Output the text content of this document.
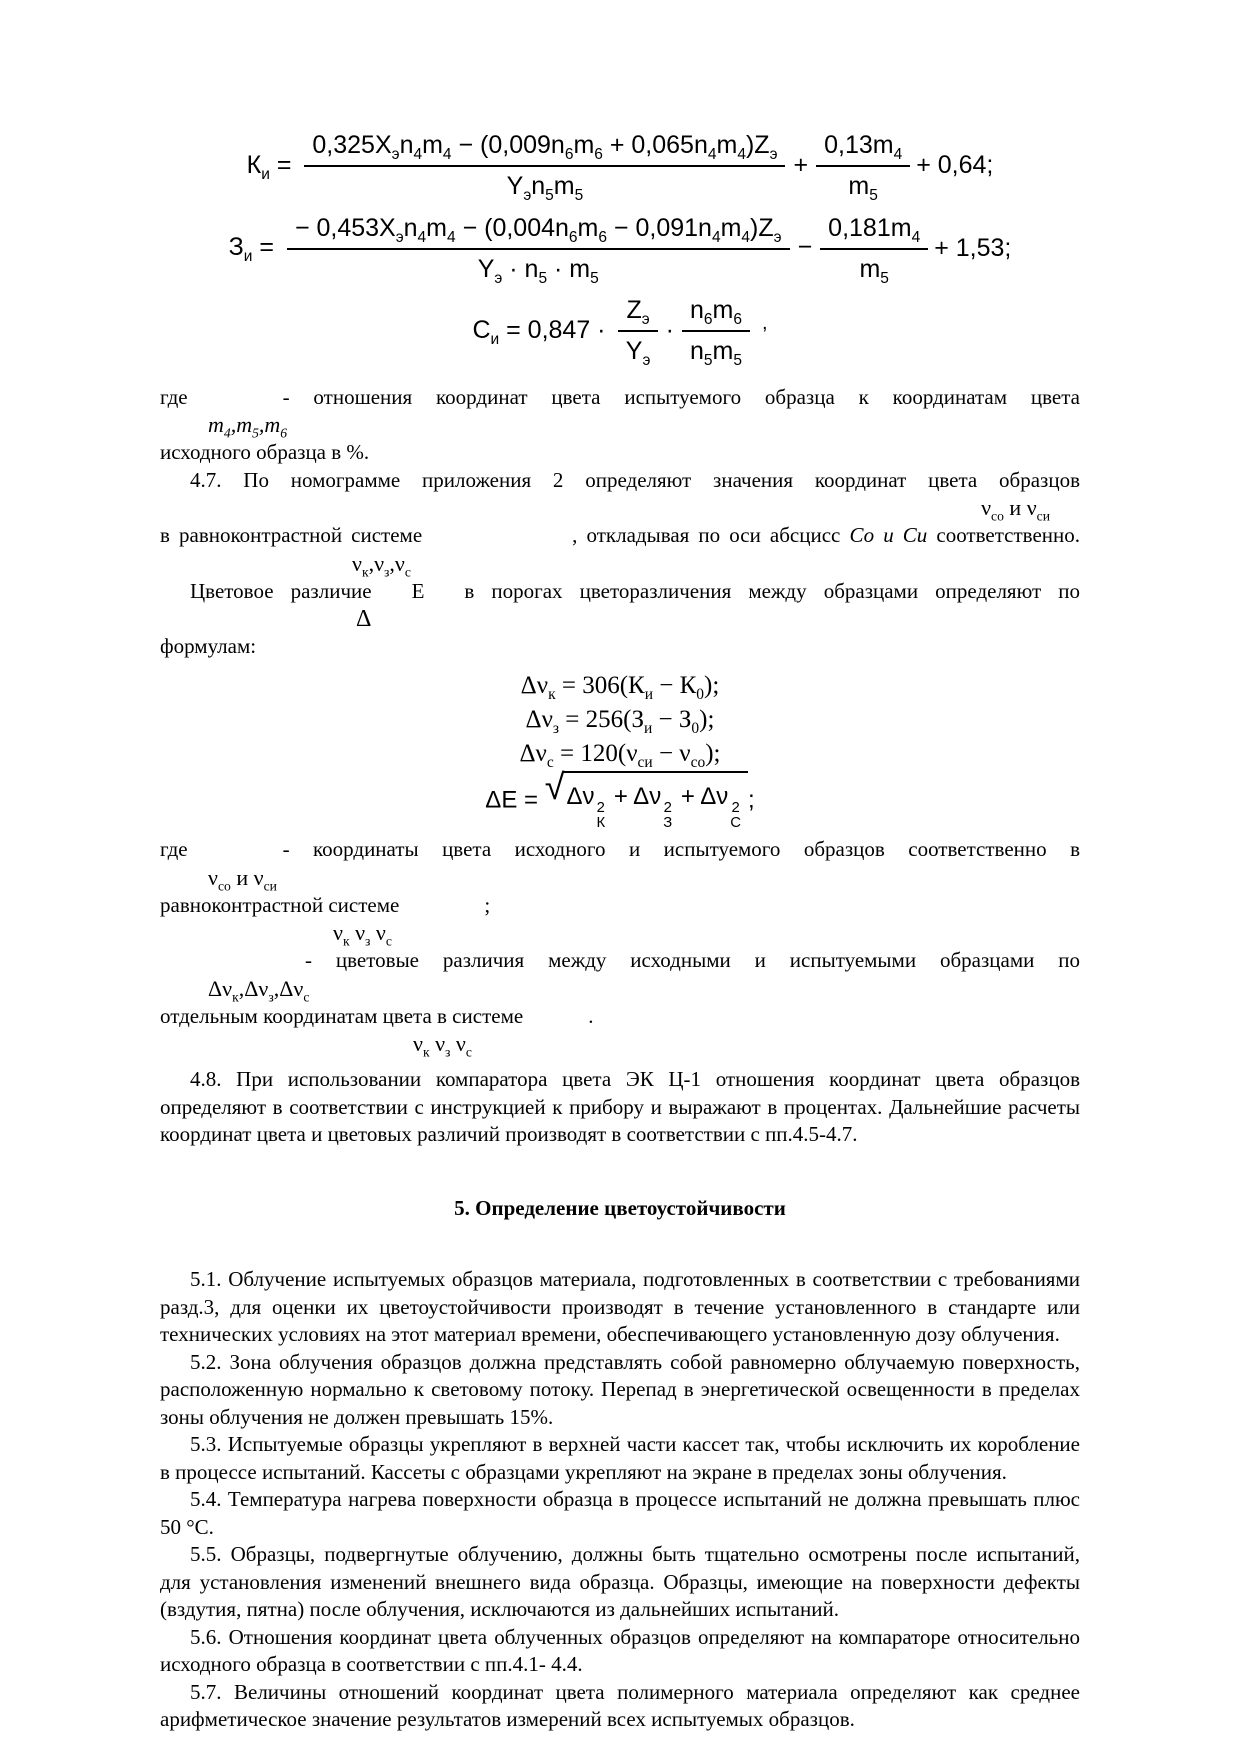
$К_и = \frac{0,325X_эn_4m_4 - (0,009n_6m_6 + 0,065n_4m_4)Z_э}{Y_эn_5m_5} + \frac{0,13m_4}{m_5} + 0,64$;
$З_и = \frac{- 0,453X_эn_4m_4 - (0,004n_6m_6 - 0,091n_4m_4)Z_э}{Y_э \cdot n_5 \cdot m_5} - \frac{0,181m_4}{m_5} + 1,53$;
$С_и = 0,847 \cdot \frac{Z_э}{Y_э} \cdot \frac{n_6m_6}{n_5m_5} ^,$
где	- отношения координат цвета испытуемого образца к координатам цвета
$m_4,m_5,m_6$
исходного образца в %.
4.7. По номограмме приложения 2 определяют значения координат цвета образцов
$\nu_{со}$ и $\nu_{си}$
в равноконтрастной системе	, откладывая по оси абсцисс Со и Си соответственно.
$\nu_к,\nu_з,\nu_с$
Цветовое различие Е в порогах цветоразличения между образцами определяют по
Δ
формулам:
$\Delta\nu_к = 306(К_и - К_0)$;
$\Delta\nu_з = 256(З_и - З_0)$;
$\Delta\nu_с = 120(\nu_{си} - \nu_{со})$;
ΔЕ = √ Δν 2
К
+ Δν 2
З
+ Δν 2
С
;
где	- координаты цвета исходного и испытуемого образцов соответственно в
$\nu_{со}$ и $\nu_{си}$
равноконтрастной системе	;
$\nu_к$ $\nu_з$ $\nu_с$
- цветовые различия между исходными и испытуемыми образцами по
$\Delta\nu_к,\Delta\nu_з,\Delta\nu_с$
отдельным координатам цвета в системе	.
$\nu_к$ $\nu_з$ $\nu_с$

4.8. При использовании компаратора цвета ЭК Ц-1 отношения координат цвета образцов определяют в соответствии с инструкцией к прибору и выражают в процентах. Дальнейшие расчеты координат цвета и цветовых различий производят в соответствии с пп.4.5-4.7.

5. Определение цветоустойчивости

5.1. Облучение испытуемых образцов материала, подготовленных в соответствии с требованиями разд.3, для оценки их цветоустойчивости производят в течение установленного в стандарте или технических условиях на этот материал времени, обеспечивающего установленную дозу облучения.

5.2. Зона облучения образцов должна представлять собой равномерно облучаемую поверхность, расположенную нормально к световому потоку. Перепад в энергетической освещенности в пределах зоны облучения не должен превышать 15%.

5.3. Испытуемые образцы укрепляют в верхней части кассет так, чтобы исключить их коробление в процессе испытаний. Кассеты с образцами укрепляют на экране в пределах зоны облучения.

5.4. Температура нагрева поверхности образца в процессе испытаний не должна превышать плюс 50 °С.

5.5. Образцы, подвергнутые облучению, должны быть тщательно осмотрены после испытаний, для установления изменений внешнего вида образца. Образцы, имеющие на поверхности дефекты (вздутия, пятна) после облучения, исключаются из дальнейших испытаний.

5.6. Отношения координат цвета облученных образцов определяют на компараторе относительно исходного образца в соответствии с пп.4.1- 4.4.

5.7. Величины отношений координат цвета полимерного материала определяют как среднее арифметическое значение результатов измерений всех испытуемых образцов.
